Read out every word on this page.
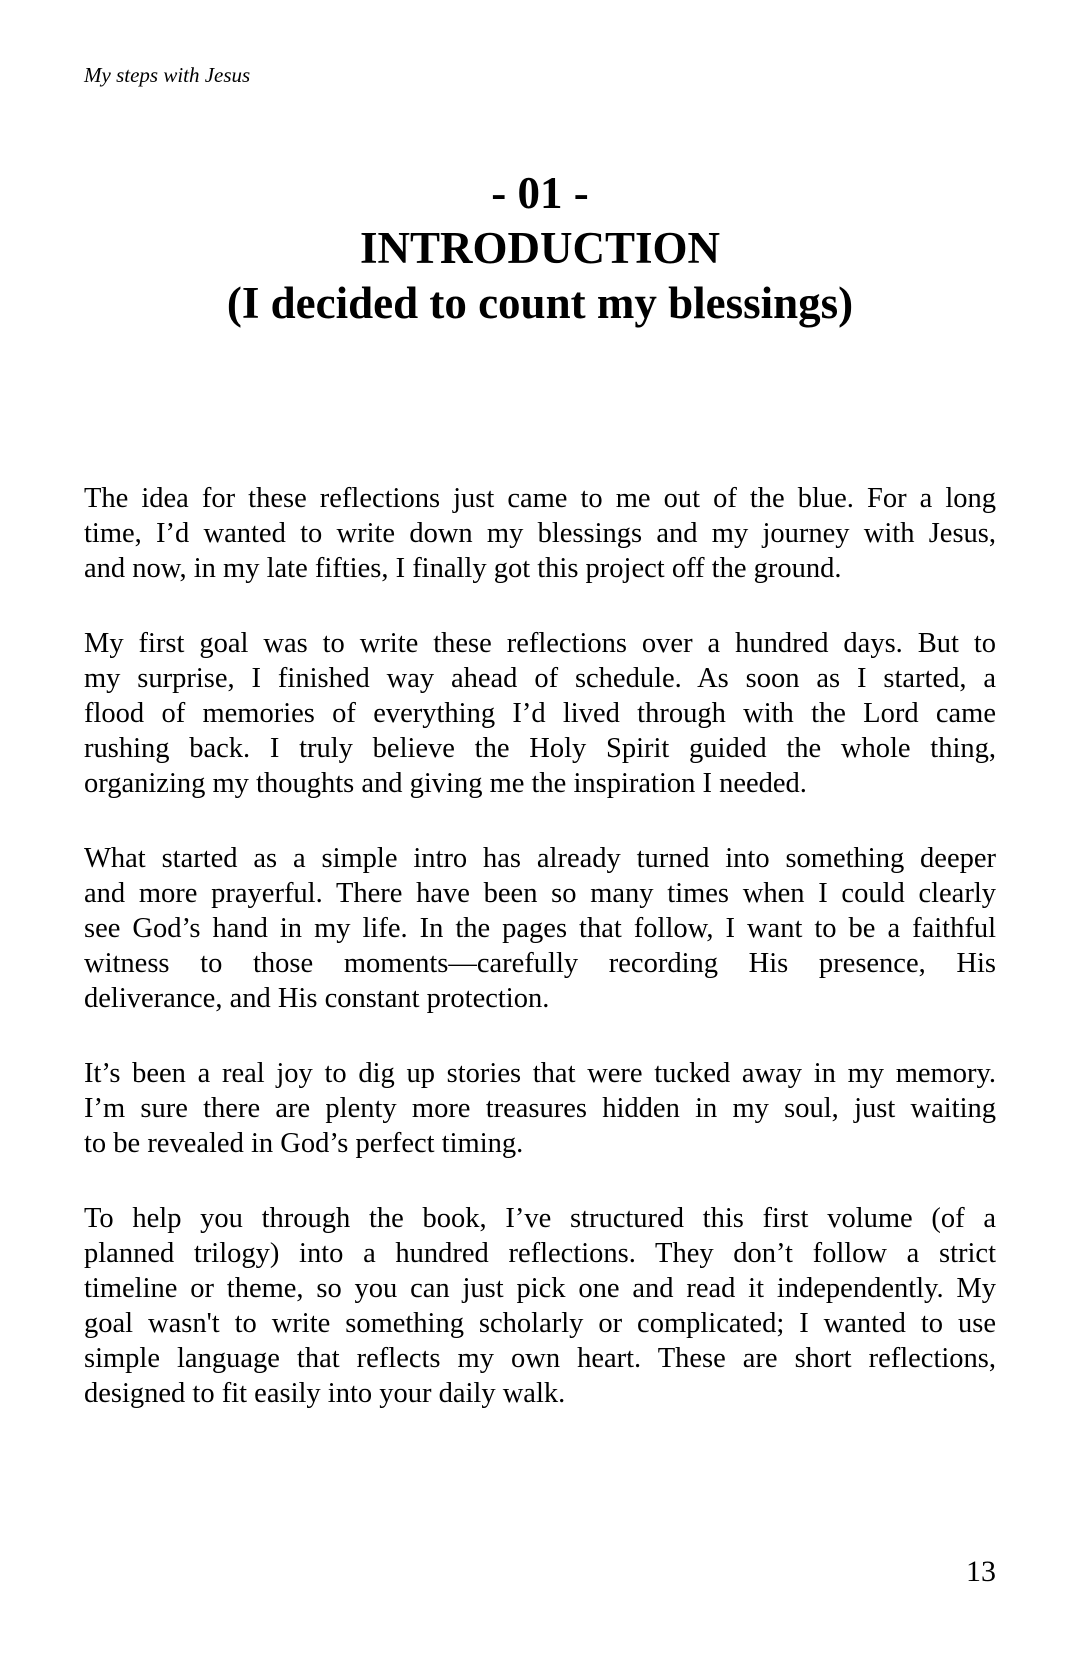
My steps with Jesus
- 01 -
INTRODUCTION
(I decided to count my blessings)

The idea for these reflections just came to me out of the blue. For a long
time, I’d wanted to write down my blessings and my journey with Jesus,
and now, in my late fifties, I finally got this project off the ground.

My first goal was to write these reflections over a hundred days. But to
my surprise, I finished way ahead of schedule. As soon as I started, a
flood of memories of everything I’d lived through with the Lord came
rushing back. I truly believe the Holy Spirit guided the whole thing,
organizing my thoughts and giving me the inspiration I needed.

What started as a simple intro has already turned into something deeper
and more prayerful. There have been so many times when I could clearly
see God’s hand in my life. In the pages that follow, I want to be a faithful
witness to those moments—carefully recording His presence, His
deliverance, and His constant protection.

It’s been a real joy to dig up stories that were tucked away in my memory.
I’m sure there are plenty more treasures hidden in my soul, just waiting
to be revealed in God’s perfect timing.

To help you through the book, I’ve structured this first volume (of a
planned trilogy) into a hundred reflections. They don’t follow a strict
timeline or theme, so you can just pick one and read it independently. My
goal wasn't to write something scholarly or complicated; I wanted to use
simple language that reflects my own heart. These are short reflections,
designed to fit easily into your daily walk.

13
